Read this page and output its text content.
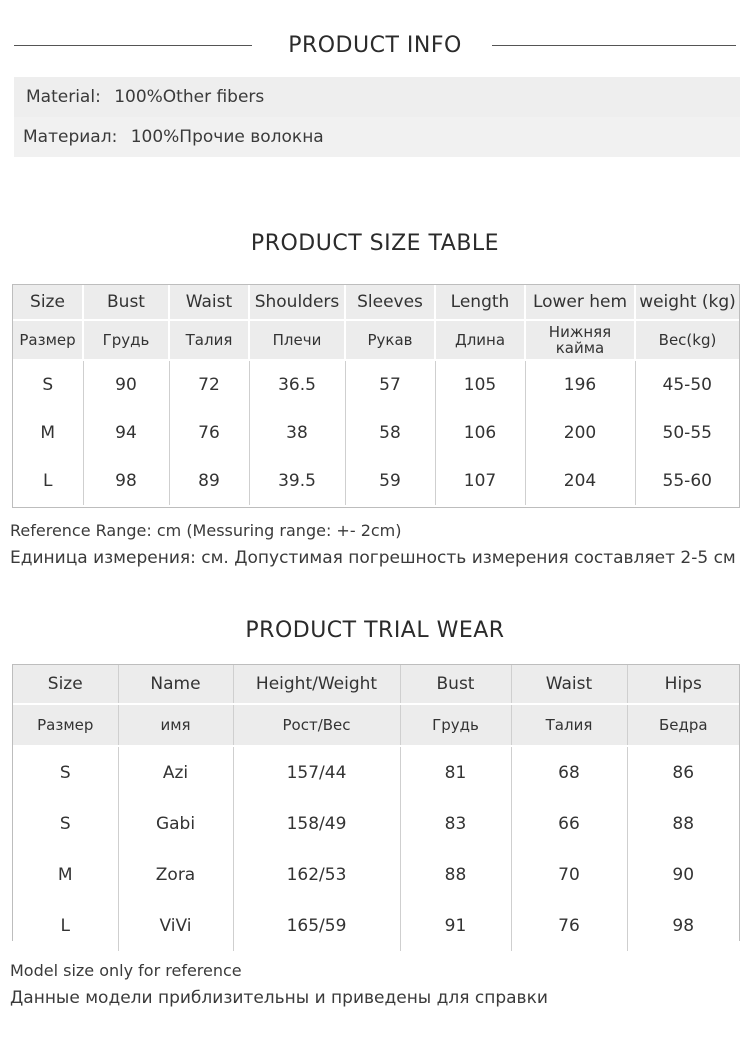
PRODUCT INFO
Material: 100%Other fibers
Материал: 100%Прочие волокна
PRODUCT SIZE TABLE
Size	Bust	Waist	Shoulders	Sleeves	Length	Lower hem	weight (kg)
Размер	Грудь	Талия	Плечи	Рукав	Длина	Нижняя кайма	Вес(kg)
S	90	72	36.5	57	105	196	45-50
M	94	76	38	58	106	200	50-55
L	98	89	39.5	59	107	204	55-60
Reference Range: cm (Messuring range: +- 2cm)
Единица измерения: см. Допустимая погрешность измерения составляет 2-5 см
PRODUCT TRIAL WEAR
Size	Name	Height/Weight	Bust	Waist	Hips
Размер	имя	Рост/Вес	Грудь	Талия	Бедра
S	Azi	157/44	81	68	86
S	Gabi	158/49	83	66	88
M	Zora	162/53	88	70	90
L	ViVi	165/59	91	76	98
Model size only for reference
Данные модели приблизительны и приведены для справки
